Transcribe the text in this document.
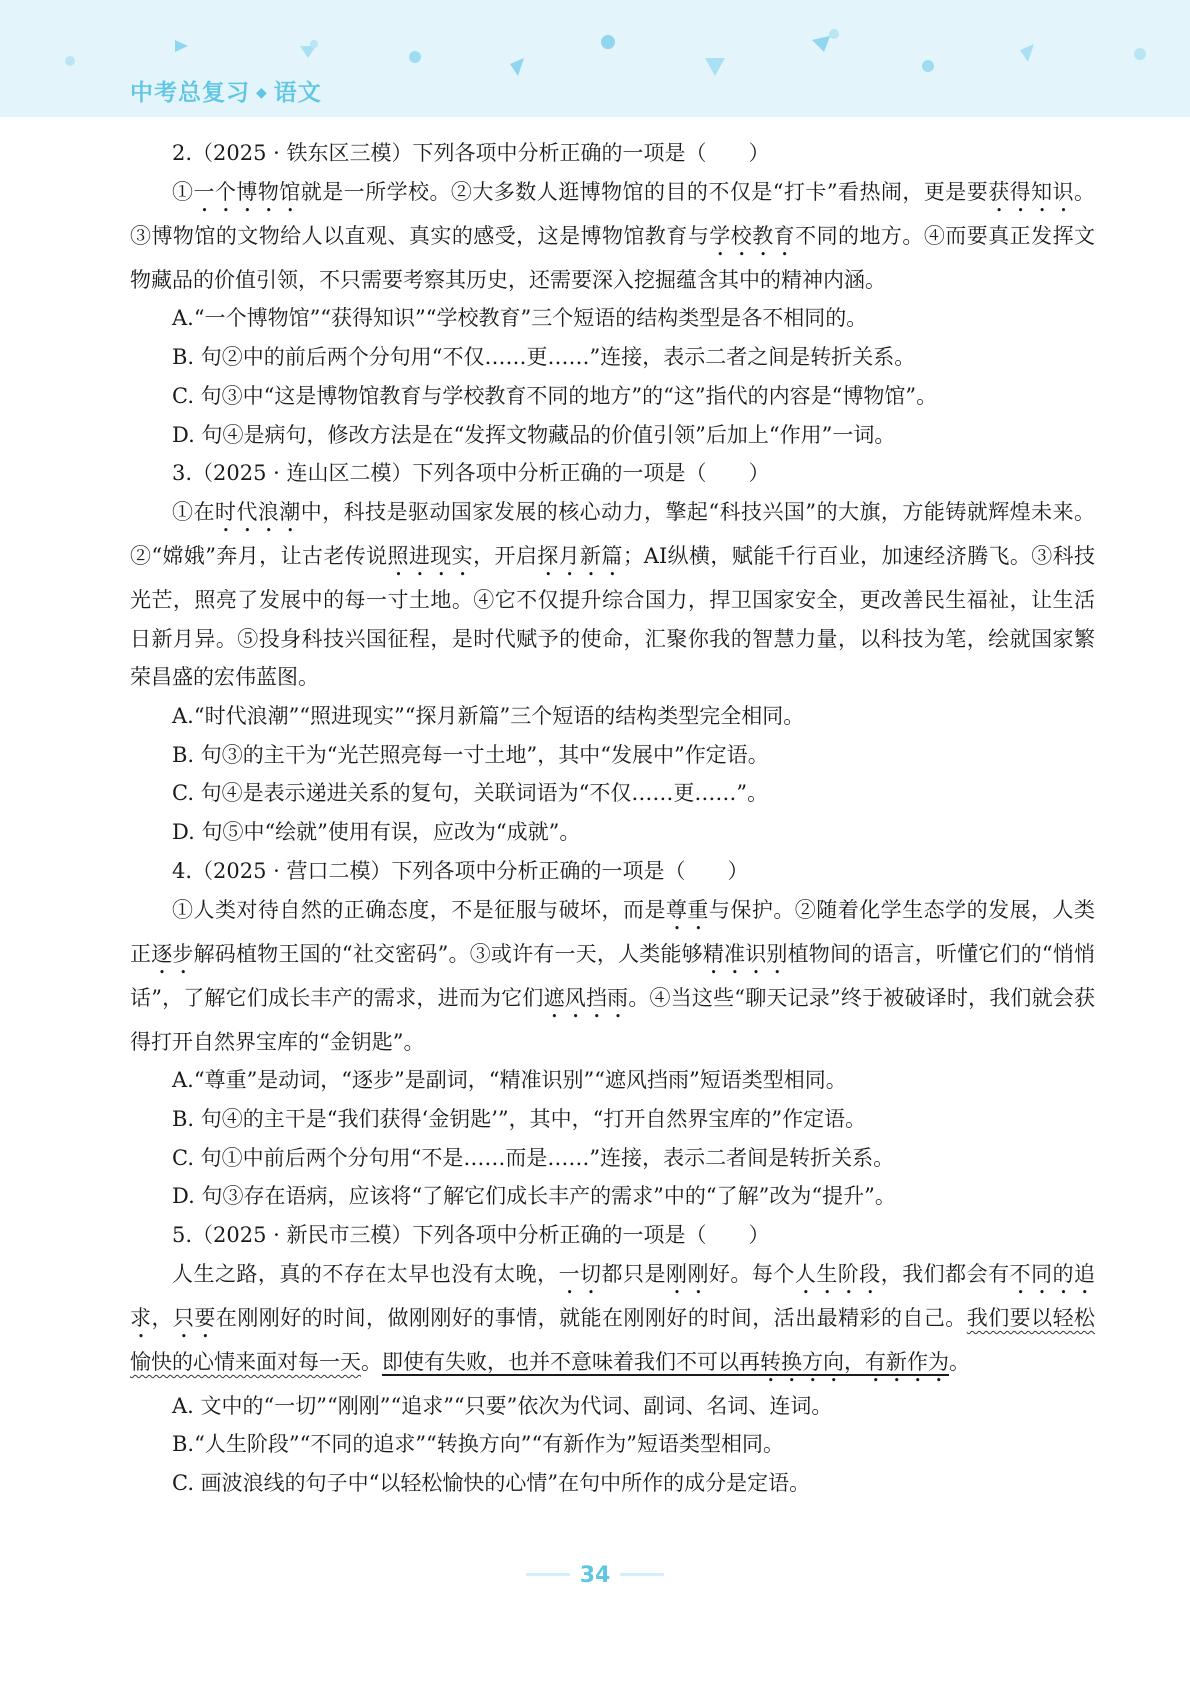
中考总复习 ◆ 语文
2.（2025 · 铁东区三模）下列各项中分析正确的一项是（　　）

①一个博物馆就是一所学校。②大多数人逛博物馆的目的不仅是“打卡”看热闹，更是要获得知识。③博物馆的文物给人以直观、真实的感受，这是博物馆教育与学校教育不同的地方。④而要真正发挥文物藏品的价值引领，不只需要考察其历史，还需要深入挖掘蕴含其中的精神内涵。

A.“一个博物馆”“获得知识”“学校教育”三个短语的结构类型是各不相同的。
B. 句②中的前后两个分句用“不仅……更……”连接，表示二者之间是转折关系。
C. 句③中“这是博物馆教育与学校教育不同的地方”的“这”指代的内容是“博物馆”。
D. 句④是病句，修改方法是在“发挥文物藏品的价值引领”后加上“作用”一词。
3.（2025 · 连山区二模）下列各项中分析正确的一项是（　　）

①在时代浪潮中，科技是驱动国家发展的核心动力，擎起“科技兴国”的大旗，方能铸就辉煌未来。②“嫦娥”奔月，让古老传说照进现实，开启探月新篇；AI纵横，赋能千行百业，加速经济腾飞。③科技光芒，照亮了发展中的每一寸土地。④它不仅提升综合国力，捍卫国家安全，更改善民生福祉，让生活日新月异。⑤投身科技兴国征程，是时代赋予的使命，汇聚你我的智慧力量，以科技为笔，绘就国家繁荣昌盛的宏伟蓝图。

A.“时代浪潮”“照进现实”“探月新篇”三个短语的结构类型完全相同。
B. 句③的主干为“光芒照亮每一寸土地”，其中“发展中”作定语。
C. 句④是表示递进关系的复句，关联词语为“不仅……更……”。
D. 句⑤中“绘就”使用有误，应改为“成就”。
4.（2025 · 营口二模）下列各项中分析正确的一项是（　　）

①人类对待自然的正确态度，不是征服与破坏，而是尊重与保护。②随着化学生态学的发展，人类正逐步解码植物王国的“社交密码”。③或许有一天，人类能够精准识别植物间的语言，听懂它们的“悄悄话”，了解它们成长丰产的需求，进而为它们遮风挡雨。④当这些“聊天记录”终于被破译时，我们就会获得打开自然界宝库的“金钥匙”。

A.“尊重”是动词，“逐步”是副词，“精准识别”“遮风挡雨”短语类型相同。
B. 句④的主干是“我们获得‘金钥匙’”，其中，“打开自然界宝库的”作定语。
C. 句①中前后两个分句用“不是……而是……”连接，表示二者间是转折关系。
D. 句③存在语病，应该将“了解它们成长丰产的需求”中的“了解”改为“提升”。
5.（2025 · 新民市三模）下列各项中分析正确的一项是（　　）

人生之路，真的不存在太早也没有太晚，一切都只是刚刚好。每个人生阶段，我们都会有不同的追求，只要在刚刚好的时间，做刚刚好的事情，就能在刚刚好的时间，活出最精彩的自己。我们要以轻松愉快的心情来面对每一天。即使有失败，也并不意味着我们不可以再转换方向，有新作为。

A. 文中的“一切”“刚刚”“追求”“只要”依次为代词、副词、名词、连词。
B.“人生阶段”“不同的追求”“转换方向”“有新作为”短语类型相同。
C. 画波浪线的句子中“以轻松愉快的心情”在句中所作的成分是定语。
34
